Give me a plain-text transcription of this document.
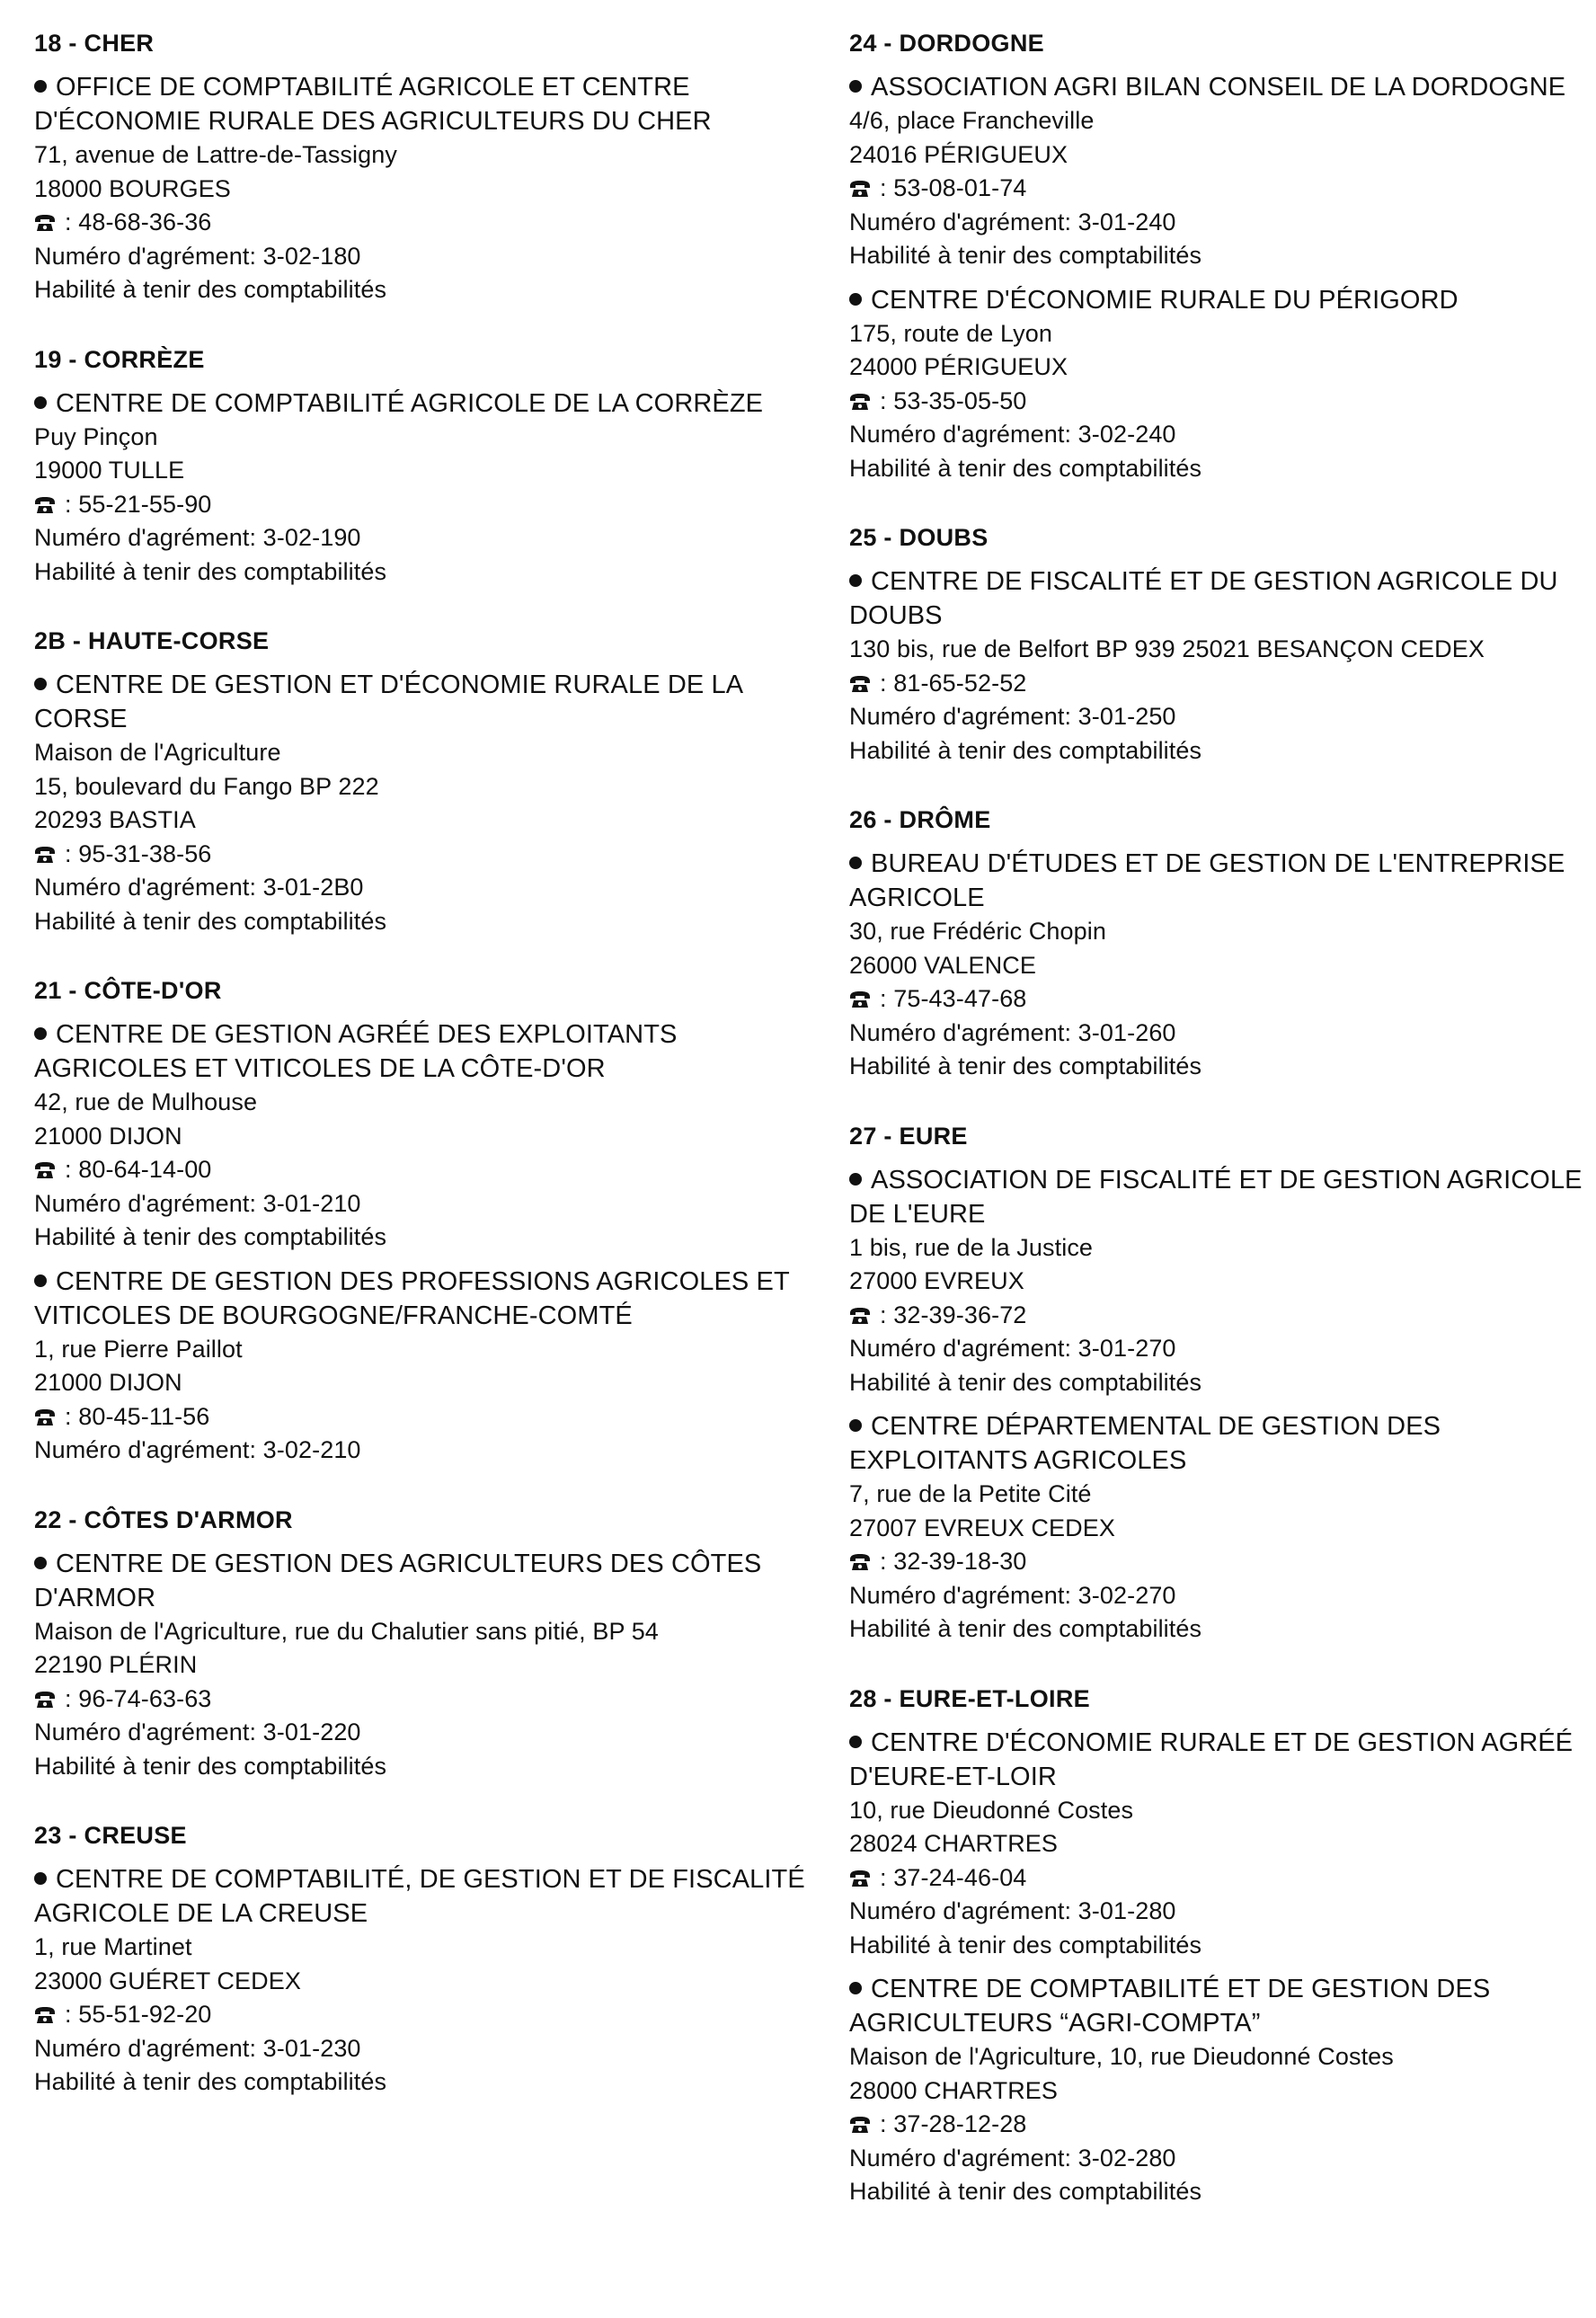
18 - CHER
OFFICE DE COMPTABILITÉ AGRICOLE ET CENTRE D'ÉCONOMIE RURALE DES AGRICULTEURS DU CHER
71, avenue de Lattre-de-Tassigny
18000 BOURGES
: 48-68-36-36
Numéro d'agrément: 3-02-180
Habilité à tenir des comptabilités
19 - CORRÈZE
CENTRE DE COMPTABILITÉ AGRICOLE DE LA CORRÈZE
Puy Pinçon
19000 TULLE
: 55-21-55-90
Numéro d'agrément: 3-02-190
Habilité à tenir des comptabilités
2B - HAUTE-CORSE
CENTRE DE GESTION ET D'ÉCONOMIE RURALE DE LA CORSE
Maison de l'Agriculture
15, boulevard du Fango BP 222
20293 BASTIA
: 95-31-38-56
Numéro d'agrément: 3-01-2B0
Habilité à tenir des comptabilités
21 - CÔTE-D'OR
CENTRE DE GESTION AGRÉÉ DES EXPLOITANTS AGRICOLES ET VITICOLES DE LA CÔTE-D'OR
42, rue de Mulhouse
21000 DIJON
: 80-64-14-00
Numéro d'agrément: 3-01-210
Habilité à tenir des comptabilités
CENTRE DE GESTION DES PROFESSIONS AGRICOLES ET VITICOLES DE BOURGOGNE/FRANCHE-COMTÉ
1, rue Pierre Paillot
21000 DIJON
: 80-45-11-56
Numéro d'agrément: 3-02-210
22 - CÔTES D'ARMOR
CENTRE DE GESTION DES AGRICULTEURS DES CÔTES D'ARMOR
Maison de l'Agriculture, rue du Chalutier sans pitié, BP 54
22190 PLÉRIN
: 96-74-63-63
Numéro d'agrément: 3-01-220
Habilité à tenir des comptabilités
23 - CREUSE
CENTRE DE COMPTABILITÉ, DE GESTION ET DE FISCALITÉ AGRICOLE DE LA CREUSE
1, rue Martinet
23000 GUÉRET CEDEX
: 55-51-92-20
Numéro d'agrément: 3-01-230
Habilité à tenir des comptabilités
24 - DORDOGNE
ASSOCIATION AGRI BILAN CONSEIL DE LA DORDOGNE
4/6, place Francheville
24016 PÉRIGUEUX
: 53-08-01-74
Numéro d'agrément: 3-01-240
Habilité à tenir des comptabilités
CENTRE D'ÉCONOMIE RURALE DU PÉRIGORD
175, route de Lyon
24000 PÉRIGUEUX
: 53-35-05-50
Numéro d'agrément: 3-02-240
Habilité à tenir des comptabilités
25 - DOUBS
CENTRE DE FISCALITÉ ET DE GESTION AGRICOLE DU DOUBS
130 bis, rue de Belfort BP 939 25021 BESANÇON CEDEX
: 81-65-52-52
Numéro d'agrément: 3-01-250
Habilité à tenir des comptabilités
26 - DRÔME
BUREAU D'ÉTUDES ET DE GESTION DE L'ENTREPRISE AGRICOLE
30, rue Frédéric Chopin
26000 VALENCE
: 75-43-47-68
Numéro d'agrément: 3-01-260
Habilité à tenir des comptabilités
27 - EURE
ASSOCIATION DE FISCALITÉ ET DE GESTION AGRICOLE DE L'EURE
1 bis, rue de la Justice
27000 EVREUX
: 32-39-36-72
Numéro d'agrément: 3-01-270
Habilité à tenir des comptabilités
CENTRE DÉPARTEMENTAL DE GESTION DES EXPLOITANTS AGRICOLES
7, rue de la Petite Cité
27007 EVREUX CEDEX
: 32-39-18-30
Numéro d'agrément: 3-02-270
Habilité à tenir des comptabilités
28 - EURE-ET-LOIRE
CENTRE D'ÉCONOMIE RURALE ET DE GESTION AGRÉÉ D'EURE-ET-LOIR
10, rue Dieudonné Costes
28024 CHARTRES
: 37-24-46-04
Numéro d'agrément: 3-01-280
Habilité à tenir des comptabilités
CENTRE DE COMPTABILITÉ ET DE GESTION DES AGRICULTEURS “AGRI-COMPTA”
Maison de l'Agriculture, 10, rue Dieudonné Costes
28000 CHARTRES
: 37-28-12-28
Numéro d'agrément: 3-02-280
Habilité à tenir des comptabilités
